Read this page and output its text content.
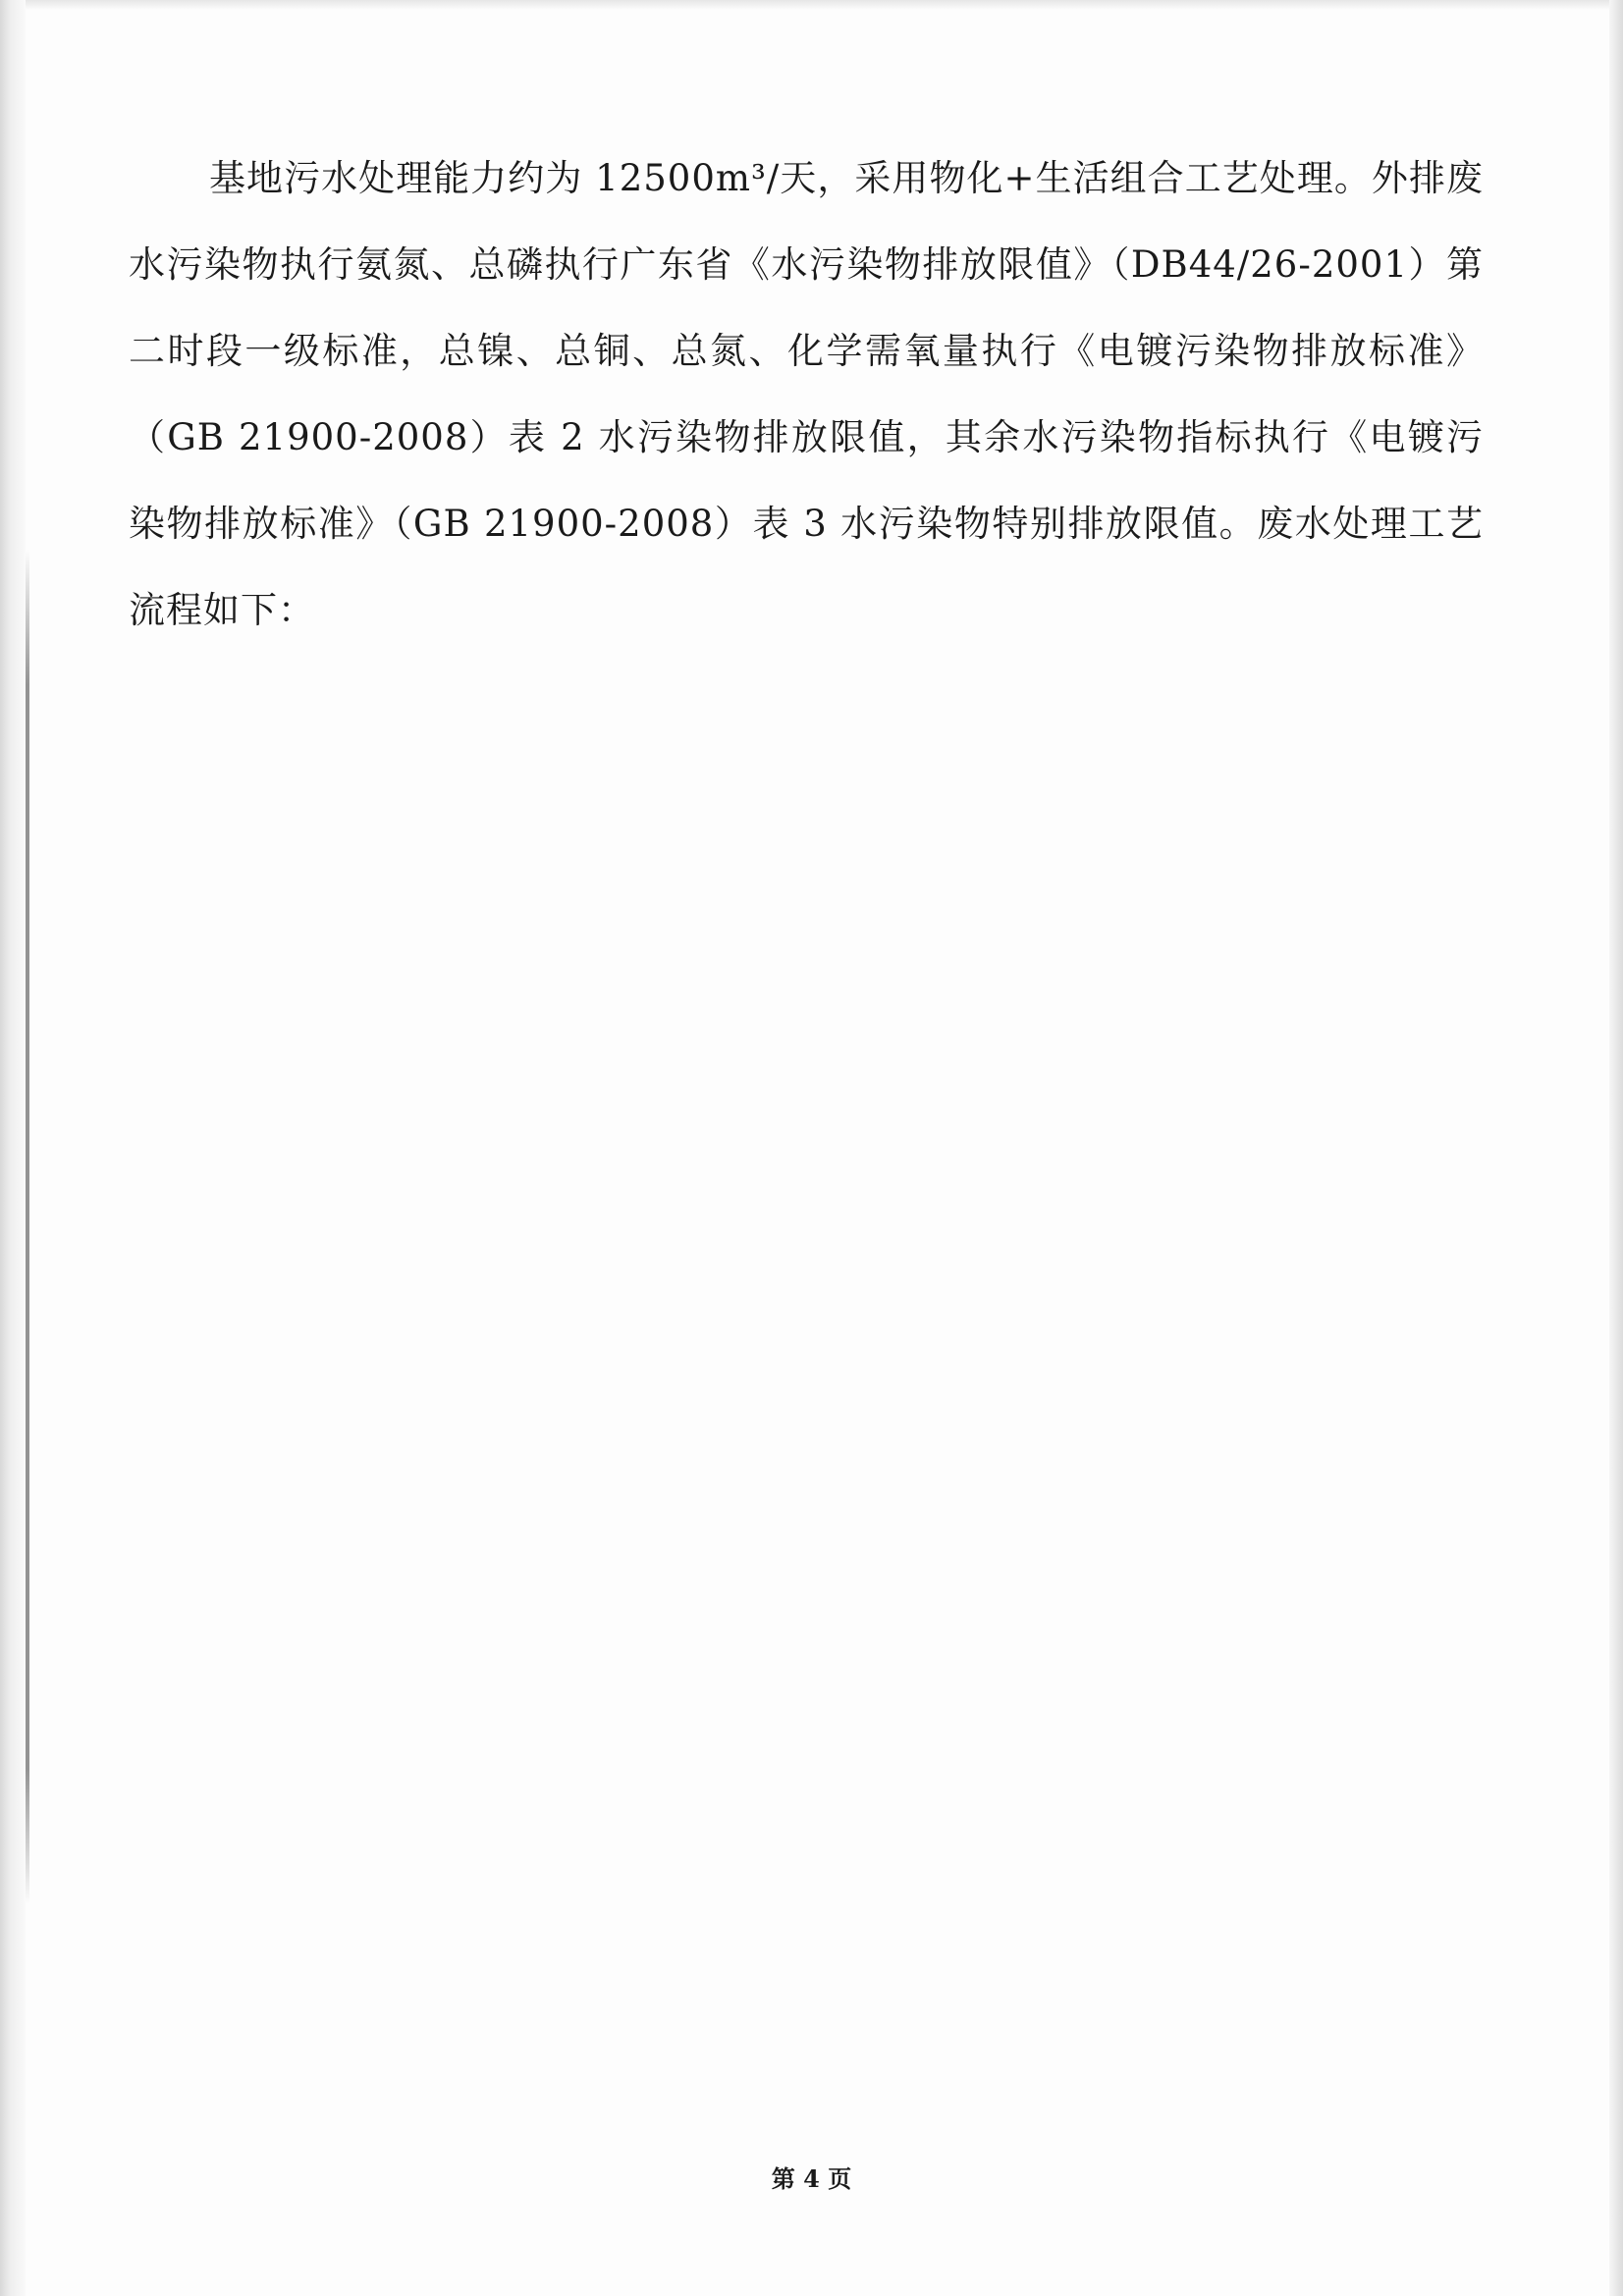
基地污水处理能力约为 12500m³/天，采用物化+生活组合工艺处理。外排废水污染物执行氨氮、总磷执行广东省《水污染物排放限值》（DB44/26-2001）第二时段一级标准，总镍、总铜、总氮、化学需氧量执行《电镀污染物排放标准》（GB 21900-2008）表 2 水污染物排放限值，其余水污染物指标执行《电镀污染物排放标准》（GB 21900-2008）表 3 水污染物特别排放限值。废水处理工艺流程如下：

第 4 页
